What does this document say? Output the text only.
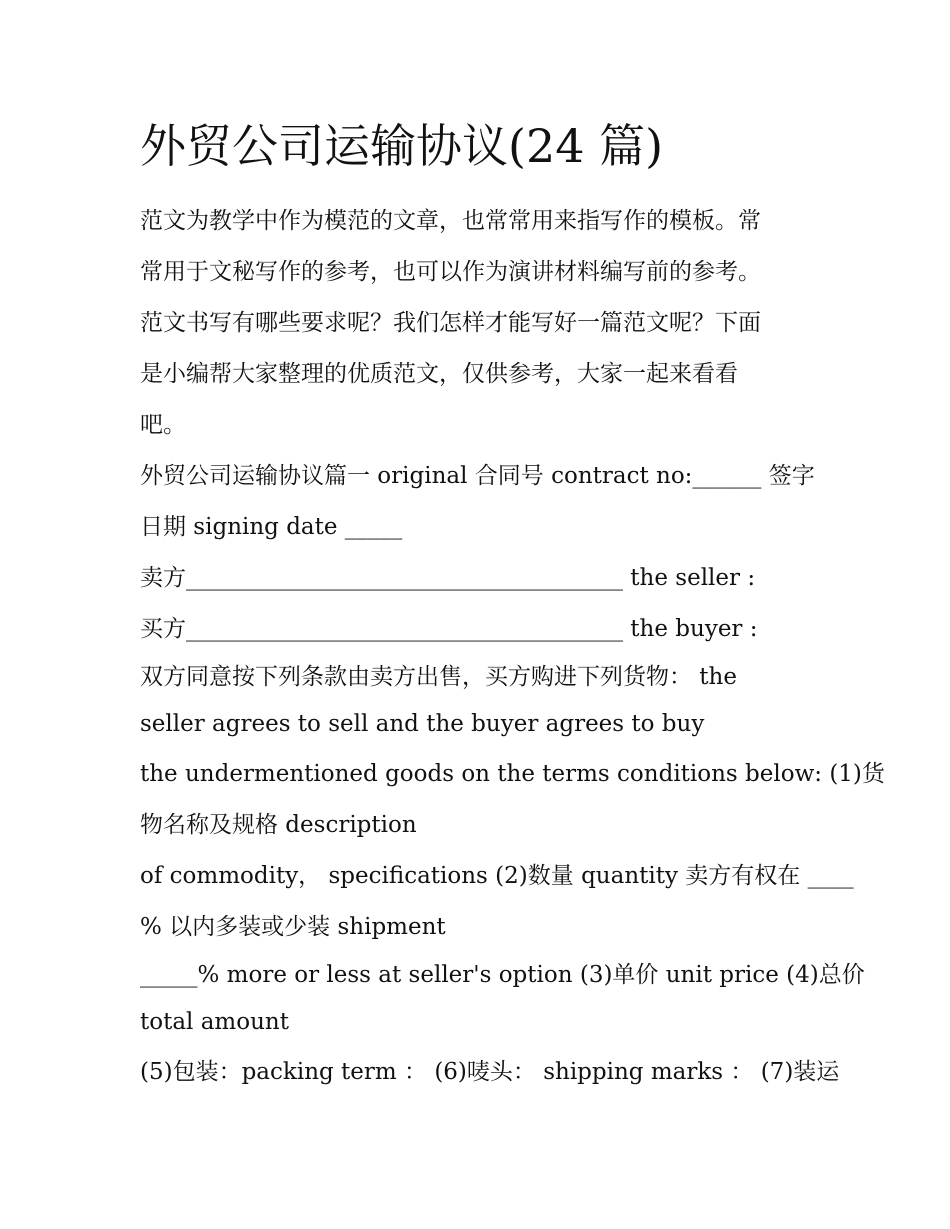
外贸公司运输协议(24 篇)
范文为教学中作为模范的文章，也常常用来指写作的模板。常
常用于文秘写作的参考，也可以作为演讲材料编写前的参考。
范文书写有哪些要求呢？我们怎样才能写好一篇范文呢？下面
是小编帮大家整理的优质范文，仅供参考，大家一起来看看
吧。
外贸公司运输协议篇一 original 合同号 contract no:______ 签字
日期 signing date _____
卖方______________________________________ the seller :
买方______________________________________ the buyer :
双方同意按下列条款由卖方出售，买方购进下列货物： the
seller agrees to sell and the buyer agrees to buy
the undermentioned goods on the terms conditions below: (1)货
物名称及规格 description
of commodity， specifications (2)数量 quantity 卖方有权在 ____
% 以内多装或少装 shipment
_____% more or less at seller's option (3)单价 unit price (4)总价
total amount
(5)包装：packing term ： (6)唛头： shipping marks ： (7)装运
